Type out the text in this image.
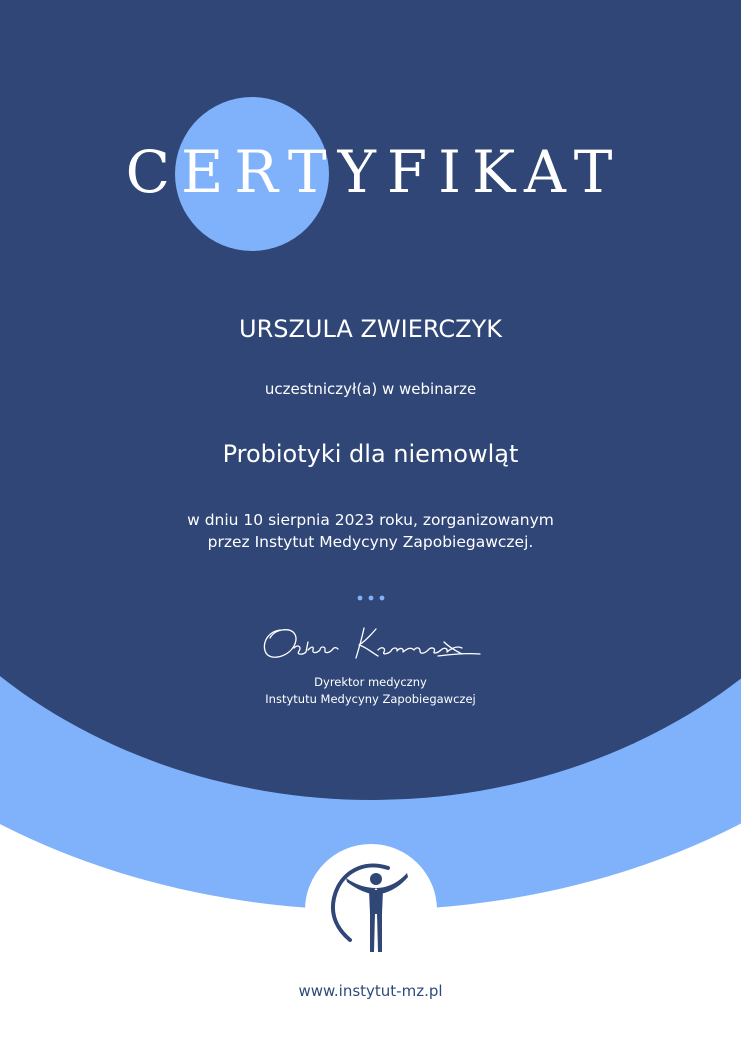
CERTYFIKAT
URSZULA ZWIERCZYK
uczestniczył(a) w webinarze
Probiotyki dla niemowląt
w dniu 10 sierpnia 2023 roku, zorganizowanym
przez Instytut Medycyny Zapobiegawczej.
Dyrektor medyczny
Instytutu Medycyny Zapobiegawczej
www.instytut-mz.pl
